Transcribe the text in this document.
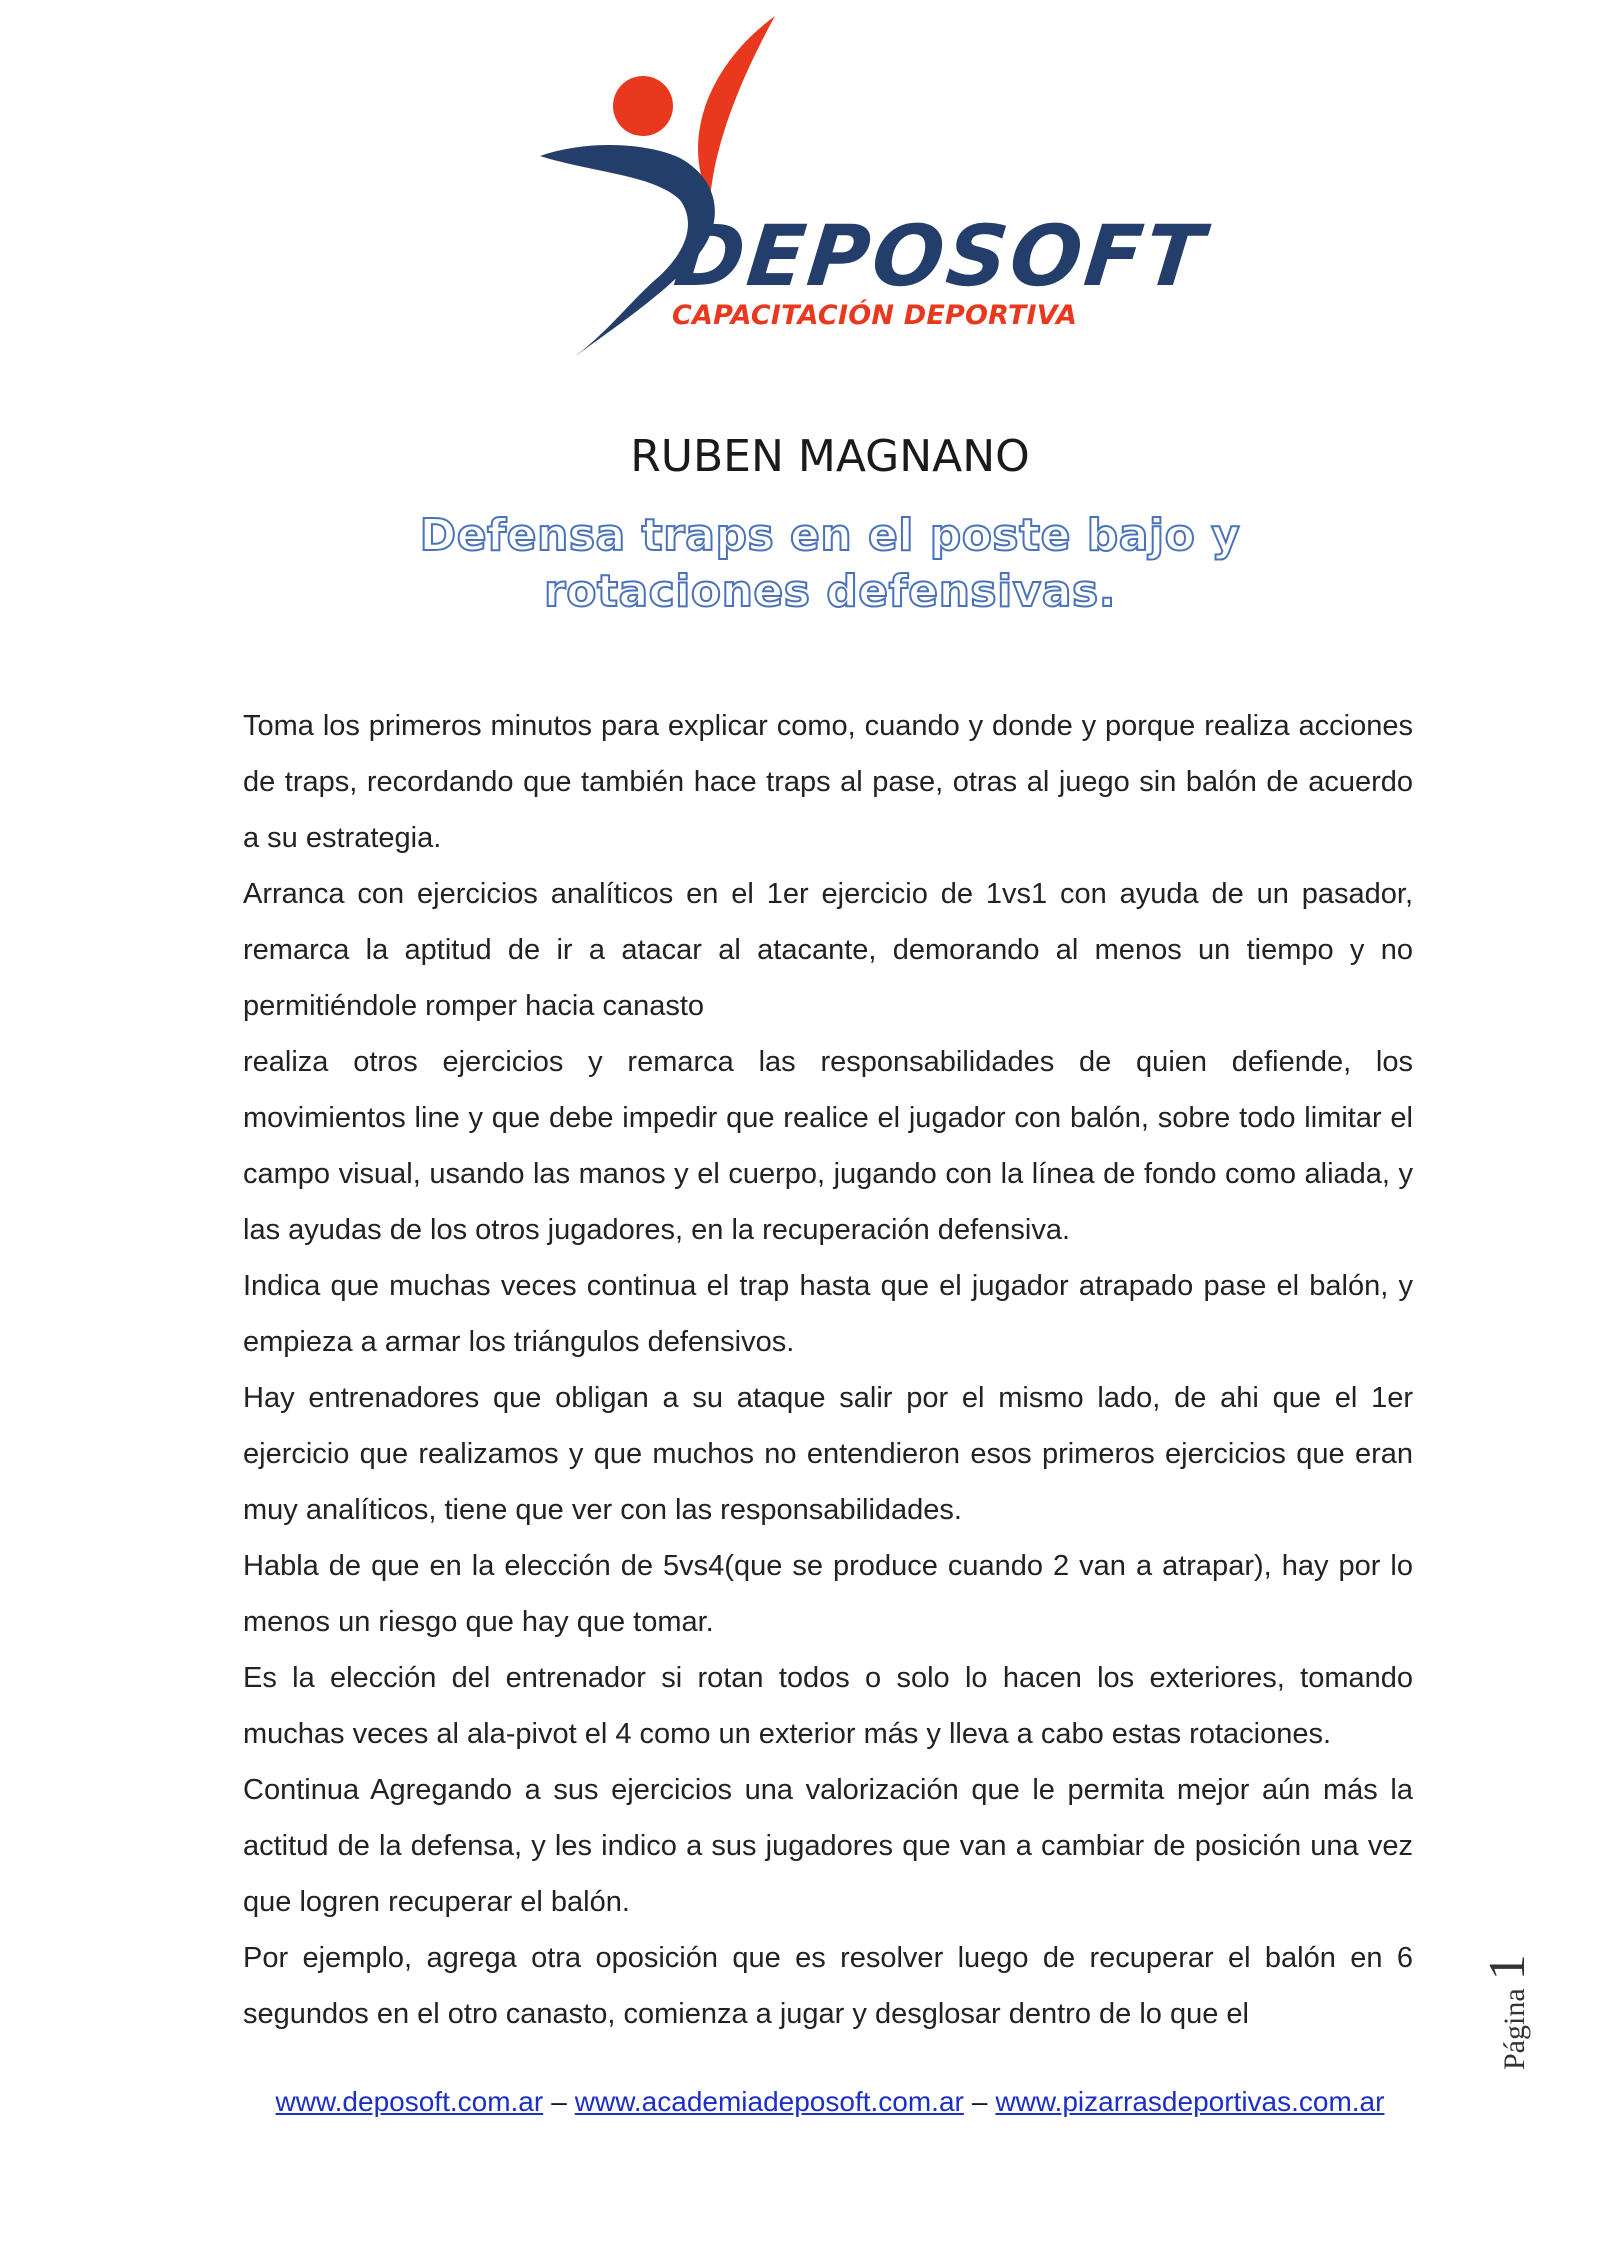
DEPOSOFT
CAPACITACIÓN DEPORTIVA
RUBEN MAGNANO
Defensa traps en el poste bajo y rotaciones defensivas.

Toma los primeros minutos para explicar como, cuando y donde y porque realiza acciones de traps, recordando que también hace traps al pase, otras al juego sin balón de acuerdo a su estrategia.

Arranca con ejercicios analíticos en el 1er ejercicio de 1vs1 con ayuda de un pasador, remarca la aptitud de ir a atacar al atacante, demorando al menos un tiempo y no permitiéndole romper hacia canasto

realiza otros ejercicios y remarca las responsabilidades de quien defiende, los movimientos line y que debe impedir que realice el jugador con balón, sobre todo limitar el campo visual, usando las manos y el cuerpo, jugando con la línea de fondo como aliada, y las ayudas de los otros jugadores, en la recuperación defensiva.

Indica que muchas veces continua el trap hasta que el jugador atrapado pase el balón, y empieza a armar los triángulos defensivos.

Hay entrenadores que obligan a su ataque salir por el mismo lado, de ahi que el 1er ejercicio que realizamos y que muchos no entendieron esos primeros ejercicios que eran muy analíticos, tiene que ver con las responsabilidades.

Habla de que en la elección de 5vs4(que se produce cuando 2 van a atrapar), hay por lo menos un riesgo que hay que tomar.

Es la elección del entrenador si rotan todos o solo lo hacen los exteriores, tomando muchas veces al ala-pivot el 4 como un exterior más y lleva a cabo estas rotaciones.

Continua Agregando a sus ejercicios una valorización que le permita mejor aún más la actitud de la defensa, y les indico a sus jugadores que van a cambiar de posición una vez que logren recuperar el balón.

Por ejemplo, agrega otra oposición que es resolver luego de recuperar el balón en 6 segundos en el otro canasto, comienza a jugar y desglosar dentro de lo que el

www.deposoft.com.ar – www.academiadeposoft.com.ar – www.pizarrasdeportivas.com.ar
Página
1
